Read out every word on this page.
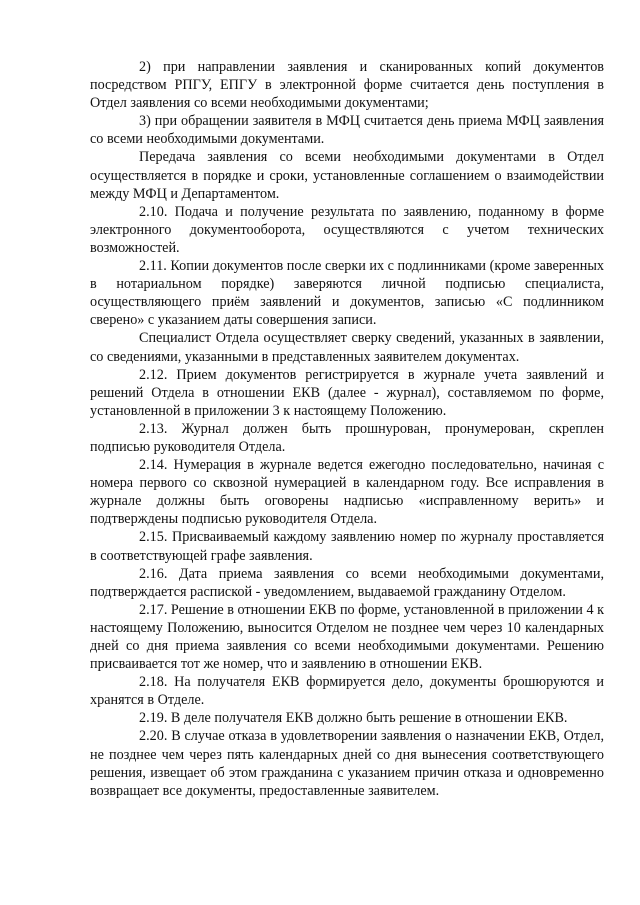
2) при направлении заявления и сканированных копий документов посредством РПГУ, ЕПГУ в электронной форме считается день поступления в Отдел заявления со всеми необходимыми документами;

3) при обращении заявителя в МФЦ считается день приема МФЦ заявления со всеми необходимыми документами.

Передача заявления со всеми необходимыми документами в Отдел осуществляется в порядке и сроки, установленные соглашением о взаимодействии между МФЦ и Департаментом.

2.10. Подача и получение результата по заявлению, поданному в форме электронного документооборота, осуществляются с учетом технических возможностей.

2.11. Копии документов после сверки их с подлинниками (кроме заверенных в нотариальном порядке) заверяются личной подписью специалиста, осуществляющего приём заявлений и документов, записью «С подлинником сверено» с указанием даты совершения записи.

Специалист Отдела осуществляет сверку сведений, указанных в заявлении, со сведениями, указанными в представленных заявителем документах.

2.12. Прием документов регистрируется в журнале учета заявлений и решений Отдела в отношении ЕКВ (далее - журнал), составляемом по форме, установленной в приложении 3 к настоящему Положению.

2.13. Журнал должен быть прошнурован, пронумерован, скреплен подписью руководителя Отдела.

2.14. Нумерация в журнале ведется ежегодно последовательно, начиная с номера первого со сквозной нумерацией в календарном году. Все исправления в журнале должны быть оговорены надписью «исправленному верить» и подтверждены подписью руководителя Отдела.

2.15. Присваиваемый каждому заявлению номер по журналу проставляется в соответствующей графе заявления.

2.16. Дата приема заявления со всеми необходимыми документами, подтверждается распиской - уведомлением, выдаваемой гражданину Отделом.

2.17. Решение в отношении ЕКВ по форме, установленной в приложении 4 к настоящему Положению, выносится Отделом не позднее чем через 10 календарных дней со дня приема заявления со всеми необходимыми документами. Решению присваивается тот же номер, что и заявлению в отношении ЕКВ.

2.18. На получателя ЕКВ формируется дело, документы брошюруются и хранятся в Отделе.

2.19. В деле получателя ЕКВ должно быть решение в отношении ЕКВ.

2.20. В случае отказа в удовлетворении заявления о назначении ЕКВ, Отдел, не позднее чем через пять календарных дней со дня вынесения соответствующего решения, извещает об этом гражданина с указанием причин отказа и одновременно возвращает все документы, предоставленные заявителем.
